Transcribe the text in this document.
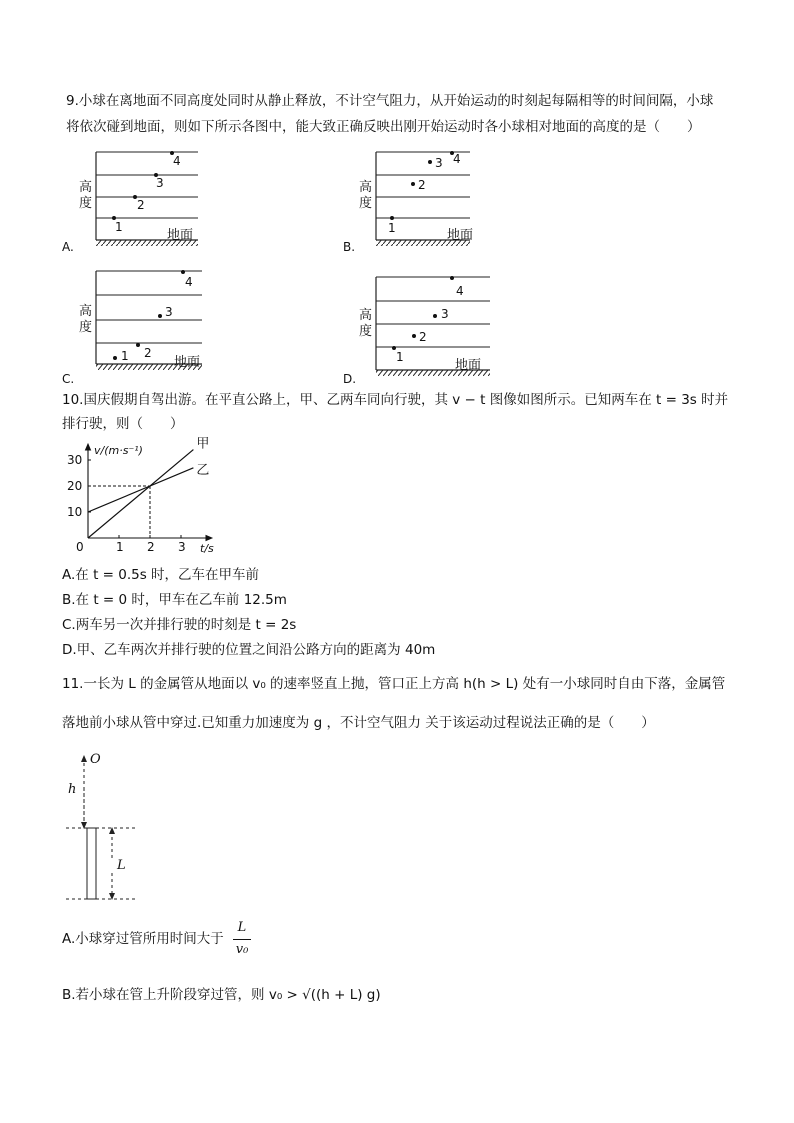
9.小球在离地面不同高度处同时从静止释放，不计空气阻力，从开始运动的时刻起每隔相等的时间间隔，小球
将依次碰到地面，则如下所示各图中，能大致正确反映出刚开始运动时各小球相对地面的高度的是（　　）
1
2
3
4
高
度
地面
A.
1
2
3 4
高
度
地面
B.
1 2
3
4
高
度
地面
C.
1
2
3
4
高
度
地面
D.
10.国庆假期自驾出游。在平直公路上，甲、乙两车同向行驶，其 v − t 图像如图所示。已知两车在 t = 3s 时并
排行驶，则（　　）
甲
乙
0	1 2 3
10
20
30
v/(m·s⁻¹)
t/s
A.在 t = 0.5s 时，乙车在甲车前
B.在 t = 0 时，甲车在乙车前 12.5m
C.两车另一次并排行驶的时刻是 t = 2s
D.甲、乙车两次并排行驶的位置之间沿公路方向的距离为 40m
11.一长为 L 的金属管从地面以 v₀ 的速率竖直上抛，管口正上方高 h(h > L) 处有一小球同时自由下落，金属管
落地前小球从管中穿过.已知重力加速度为 g ，不计空气阻力 关于该运动过程说法正确的是（　　）
O
h
L
A.小球穿过管所用时间大于
L
v₀
B.若小球在管上升阶段穿过管，则 v₀ > √((h + L) g)
